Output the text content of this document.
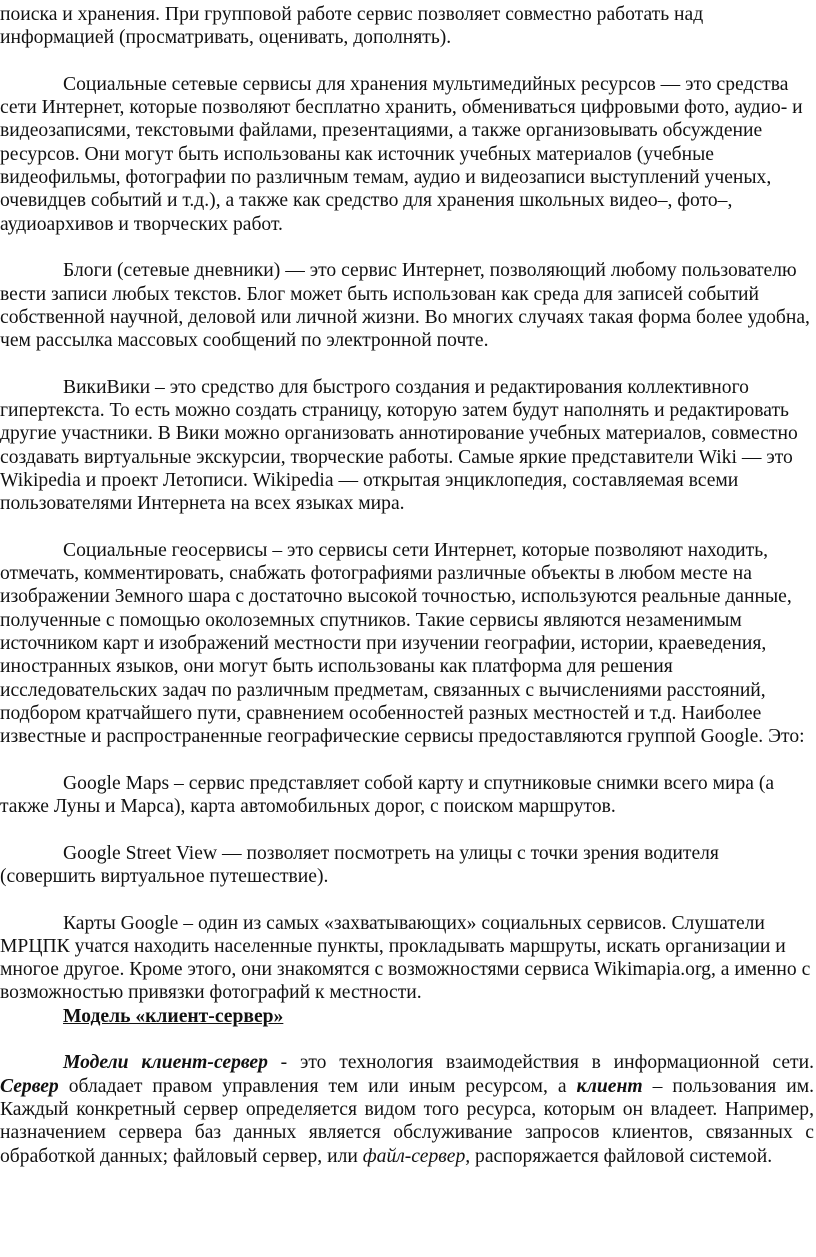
поиска и хранения. При групповой работе сервис позволяет совместно работать над информацией (просматривать, оценивать, дополнять).

Социальные сетевые сервисы для хранения мультимедийных ресурсов — это средства сети Интернет, которые позволяют бесплатно хранить, обмениваться цифровыми фото, аудио- и видеозаписями, текстовыми файлами, презентациями, а также организовывать обсуждение ресурсов. Они могут быть использованы как источник учебных материалов (учебные видеофильмы, фотографии по различным темам, аудио и видеозаписи выступлений ученых, очевидцев событий и т.д.), а также как средство для хранения школьных видео–, фото–, аудиоархивов и творческих работ.

Блоги (сетевые дневники) — это сервис Интернет, позволяющий любому пользователю вести записи любых текстов. Блог может быть использован как среда для записей событий собственной научной, деловой или личной жизни. Во многих случаях такая форма более удобна, чем рассылка массовых сообщений по электронной почте.

ВикиВики – это средство для быстрого создания и редактирования коллективного гипертекста. То есть можно создать страницу, которую затем будут наполнять и редактировать другие участники. В Вики можно организовать аннотирование учебных материалов, совместно создавать виртуальные экскурсии, творческие работы. Самые яркие представители Wiki — это Wikipedia и проект Летописи. Wikipedia — открытая энциклопедия, составляемая всеми пользователями Интернета на всех языках мира.

Социальные геосервисы – это сервисы сети Интернет, которые позволяют находить, отмечать, комментировать, снабжать фотографиями различные объекты в любом месте на изображении Земного шара с достаточно высокой точностью, используются реальные данные, полученные с помощью околоземных спутников. Такие сервисы являются незаменимым источником карт и изображений местности при изучении географии, истории, краеведения, иностранных языков, они могут быть использованы как платформа для решения исследовательских задач по различным предметам, связанных с вычислениями расстояний, подбором кратчайшего пути, сравнением особенностей разных местностей и т.д. Наиболее известные и распространенные географические сервисы предоставляются группой Google. Это:

Google Maps – сервис представляет собой карту и спутниковые снимки всего мира (а также Луны и Марса), карта автомобильных дорог, с поиском маршрутов.

Google Street View — позволяет посмотреть на улицы с точки зрения водителя (совершить виртуальное путешествие).

Карты Google – один из самых «захватывающих» социальных сервисов. Слушатели МРЦПК учатся находить населенные пункты, прокладывать маршруты, искать организации и многое другое. Кроме этого, они знакомятся с возможностями сервиса Wikimapia.org, а именно с возможностью привязки фотографий к местности.

Модель «клиент-сервер»

Модели клиент-сервер - это технология взаимодействия в информационной сети. Сервер обладает правом управления тем или иным ресурсом, а клиент – пользования им. Каждый конкретный сервер определяется видом того ресурса, которым он владеет. Например, назначением сервера баз данных является обслуживание запросов клиентов, связанных с обработкой данных; файловый сервер, или файл-сервер, распоряжается файловой системой.
